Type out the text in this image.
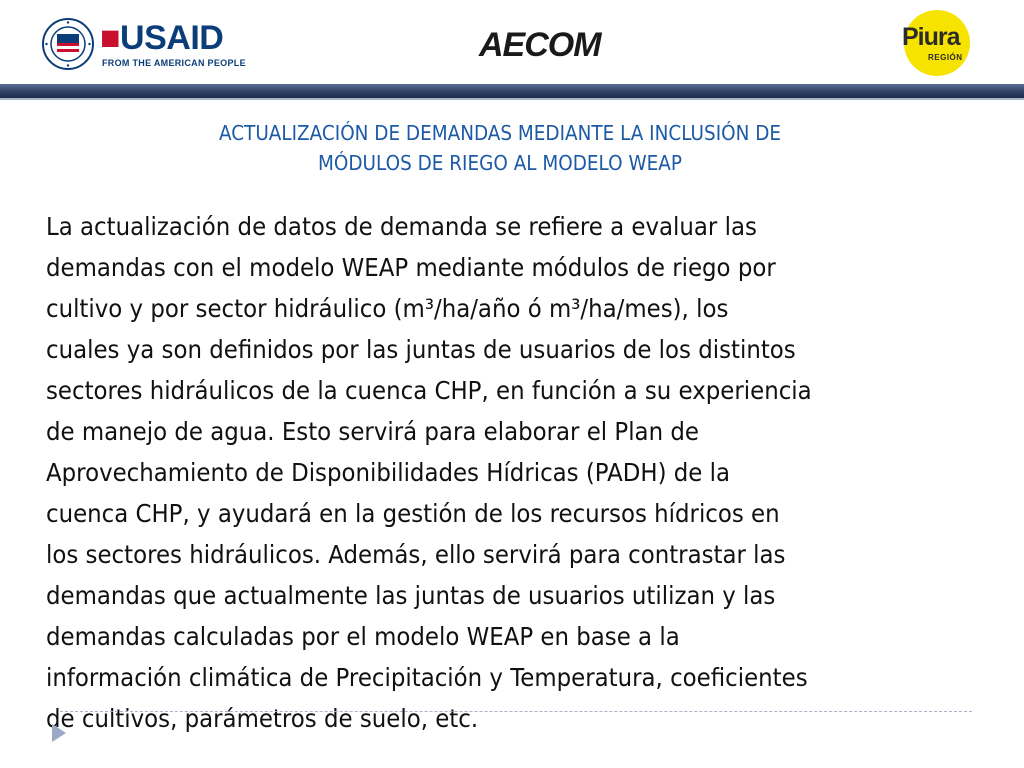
■USAID
FROM THE AMERICAN PEOPLE	AECOM	Piura
REGIÓN
ACTUALIZACIÓN DE DEMANDAS MEDIANTE LA INCLUSIÓN DE
MÓDULOS DE RIEGO AL MODELO WEAP
La actualización de datos de demanda se refiere a evaluar las
demandas con el modelo WEAP mediante módulos de riego por
cultivo y por sector hidráulico (m³/ha/año ó m³/ha/mes), los
cuales ya son definidos por las juntas de usuarios de los distintos
sectores hidráulicos de la cuenca CHP, en función a su experiencia
de manejo de agua. Esto servirá para elaborar el Plan de
Aprovechamiento de Disponibilidades Hídricas (PADH) de la
cuenca CHP, y ayudará en la gestión de los recursos hídricos en
los sectores hidráulicos. Además, ello servirá para contrastar las
demandas que actualmente las juntas de usuarios utilizan y las
demandas calculadas por el modelo WEAP en base a la
información climática de Precipitación y Temperatura, coeficientes
de cultivos, parámetros de suelo, etc.
